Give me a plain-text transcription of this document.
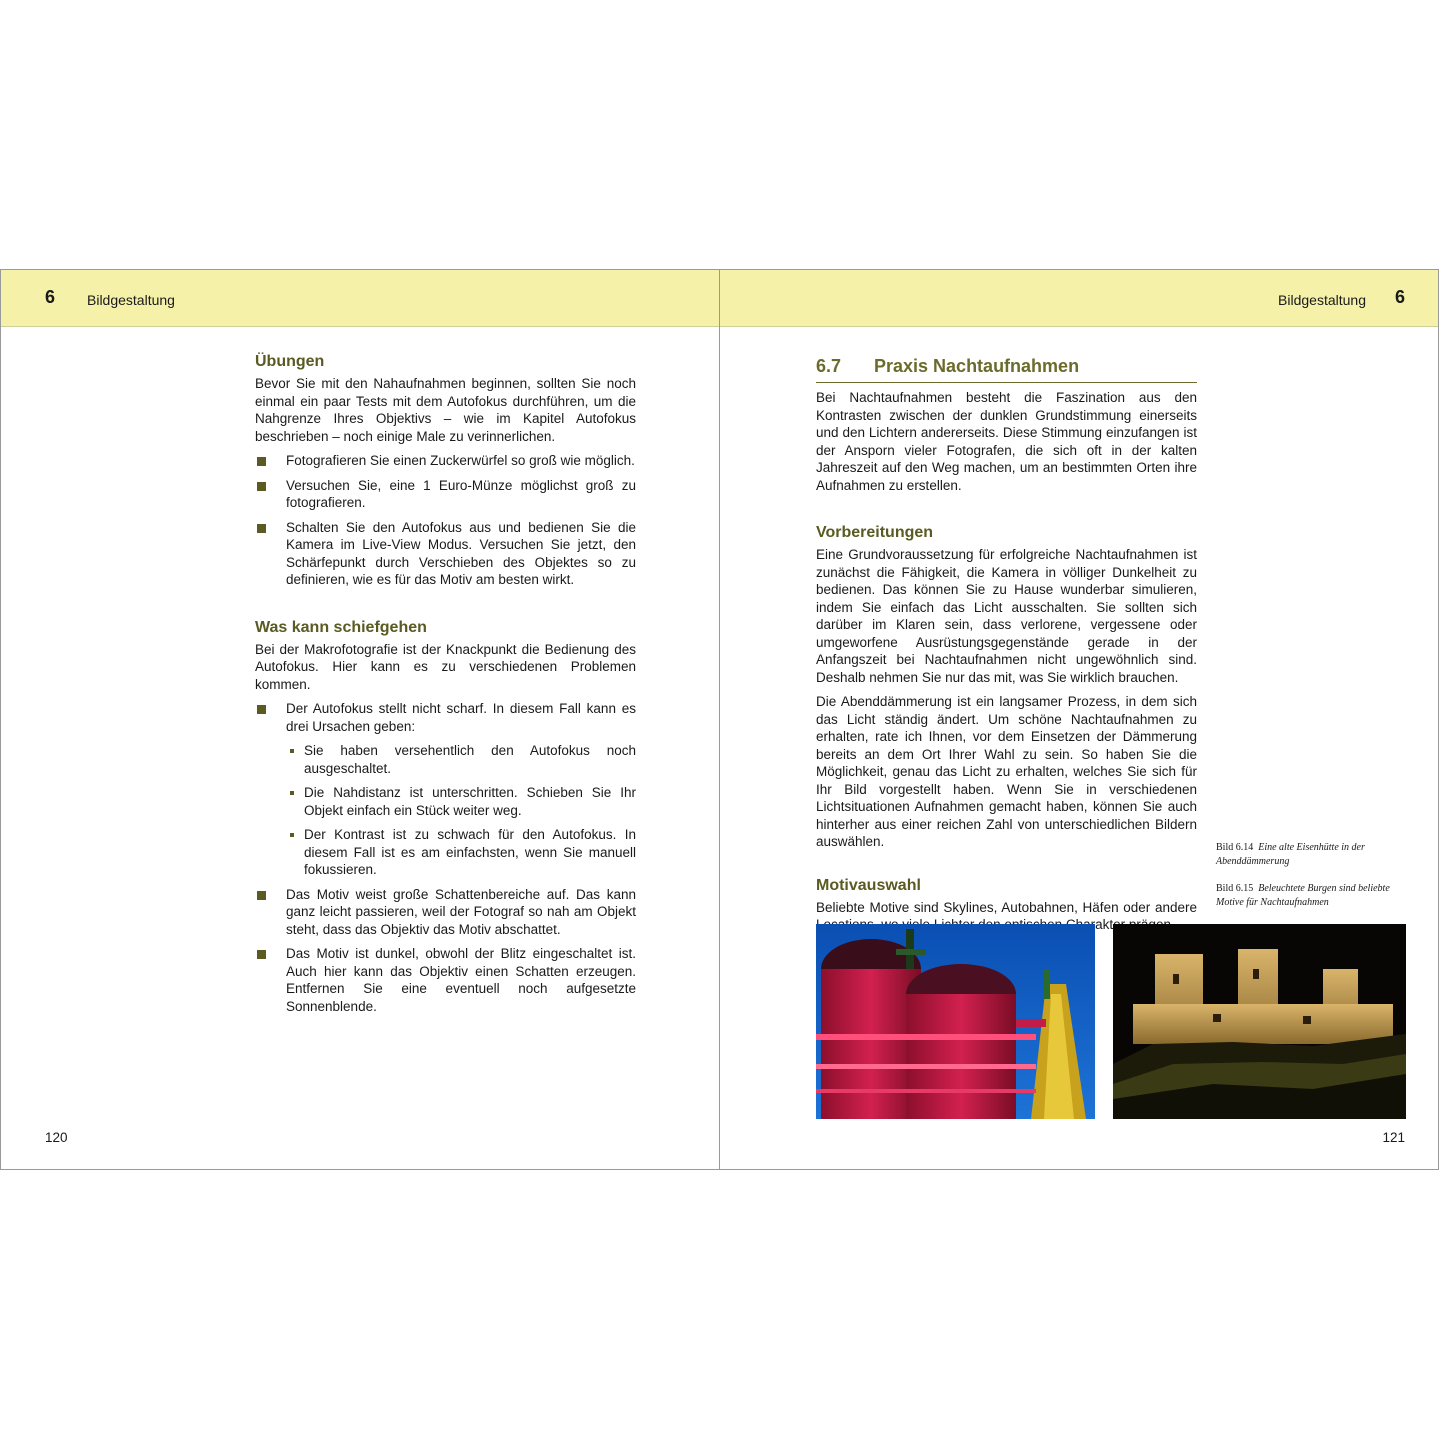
6 Bildgestaltung
Übungen

Bevor Sie mit den Nahaufnahmen beginnen, sollten Sie noch einmal ein paar Tests mit dem Autofokus durchführen, um die Nahgrenze Ihres Objektivs – wie im Kapitel Autofokus beschrieben – noch einige Male zu verinnerlichen.

Fotografieren Sie einen Zuckerwürfel so groß wie möglich.
Versuchen Sie, eine 1 Euro-Münze möglichst groß zu fotografieren.
Schalten Sie den Autofokus aus und bedienen Sie die Kamera im Live-View Modus. Versuchen Sie jetzt, den Schärfepunkt durch Verschieben des Objektes so zu definieren, wie es für das Motiv am besten wirkt.
Was kann schiefgehen

Bei der Makrofotografie ist der Knackpunkt die Bedienung des Autofokus. Hier kann es zu verschiedenen Problemen kommen.

Der Autofokus stellt nicht scharf. In diesem Fall kann es drei Ursachen geben:
Sie haben versehentlich den Autofokus noch ausgeschaltet.
Die Nahdistanz ist unterschritten. Schieben Sie Ihr Objekt einfach ein Stück weiter weg.
Der Kontrast ist zu schwach für den Autofokus. In diesem Fall ist es am einfachsten, wenn Sie manuell fokussieren.
Das Motiv weist große Schattenbereiche auf. Das kann ganz leicht passieren, weil der Fotograf so nah am Objekt steht, dass das Objektiv das Motiv abschattet.
Das Motiv ist dunkel, obwohl der Blitz eingeschaltet ist. Auch hier kann das Objektiv einen Schatten erzeugen. Entfernen Sie eine eventuell noch aufgesetzte Sonnenblende.
120
Bildgestaltung 6
6.7 Praxis Nachtaufnahmen

Bei Nachtaufnahmen besteht die Faszination aus den Kontrasten zwischen der dunklen Grundstimmung einerseits und den Lichtern andererseits. Diese Stimmung einzufangen ist der Ansporn vieler Fotografen, die sich oft in der kalten Jahreszeit auf den Weg machen, um an bestimmten Orten ihre Aufnahmen zu erstellen.

Vorbereitungen

Eine Grundvoraussetzung für erfolgreiche Nachtaufnahmen ist zunächst die Fähigkeit, die Kamera in völliger Dunkelheit zu bedienen. Das können Sie zu Hause wunderbar simulieren, indem Sie einfach das Licht ausschalten. Sie sollten sich darüber im Klaren sein, dass verlorene, vergessene oder umgeworfene Ausrüstungsgegenstände gerade in der Anfangszeit bei Nachtaufnahmen nicht ungewöhnlich sind. Deshalb nehmen Sie nur das mit, was Sie wirklich brauchen.

Die Abenddämmerung ist ein langsamer Prozess, in dem sich das Licht ständig ändert. Um schöne Nachtaufnahmen zu erhalten, rate ich Ihnen, vor dem Einsetzen der Dämmerung bereits an dem Ort Ihrer Wahl zu sein. So haben Sie die Möglichkeit, genau das Licht zu erhalten, welches Sie sich für Ihr Bild vorgestellt haben. Wenn Sie in verschiedenen Lichtsituationen Aufnahmen gemacht haben, können Sie auch hinterher aus einer reichen Zahl von unterschiedlichen Bildern auswählen.

Motivauswahl

Beliebte Motive sind Skylines, Autobahnen, Häfen oder andere Charakter

Bild 6.14 Eine alte Eisenhütte in der Abenddämmerung
Bild 6.15 Beleuchtete Burgen sind beliebte Motive für Nachtaufnahmen
121
